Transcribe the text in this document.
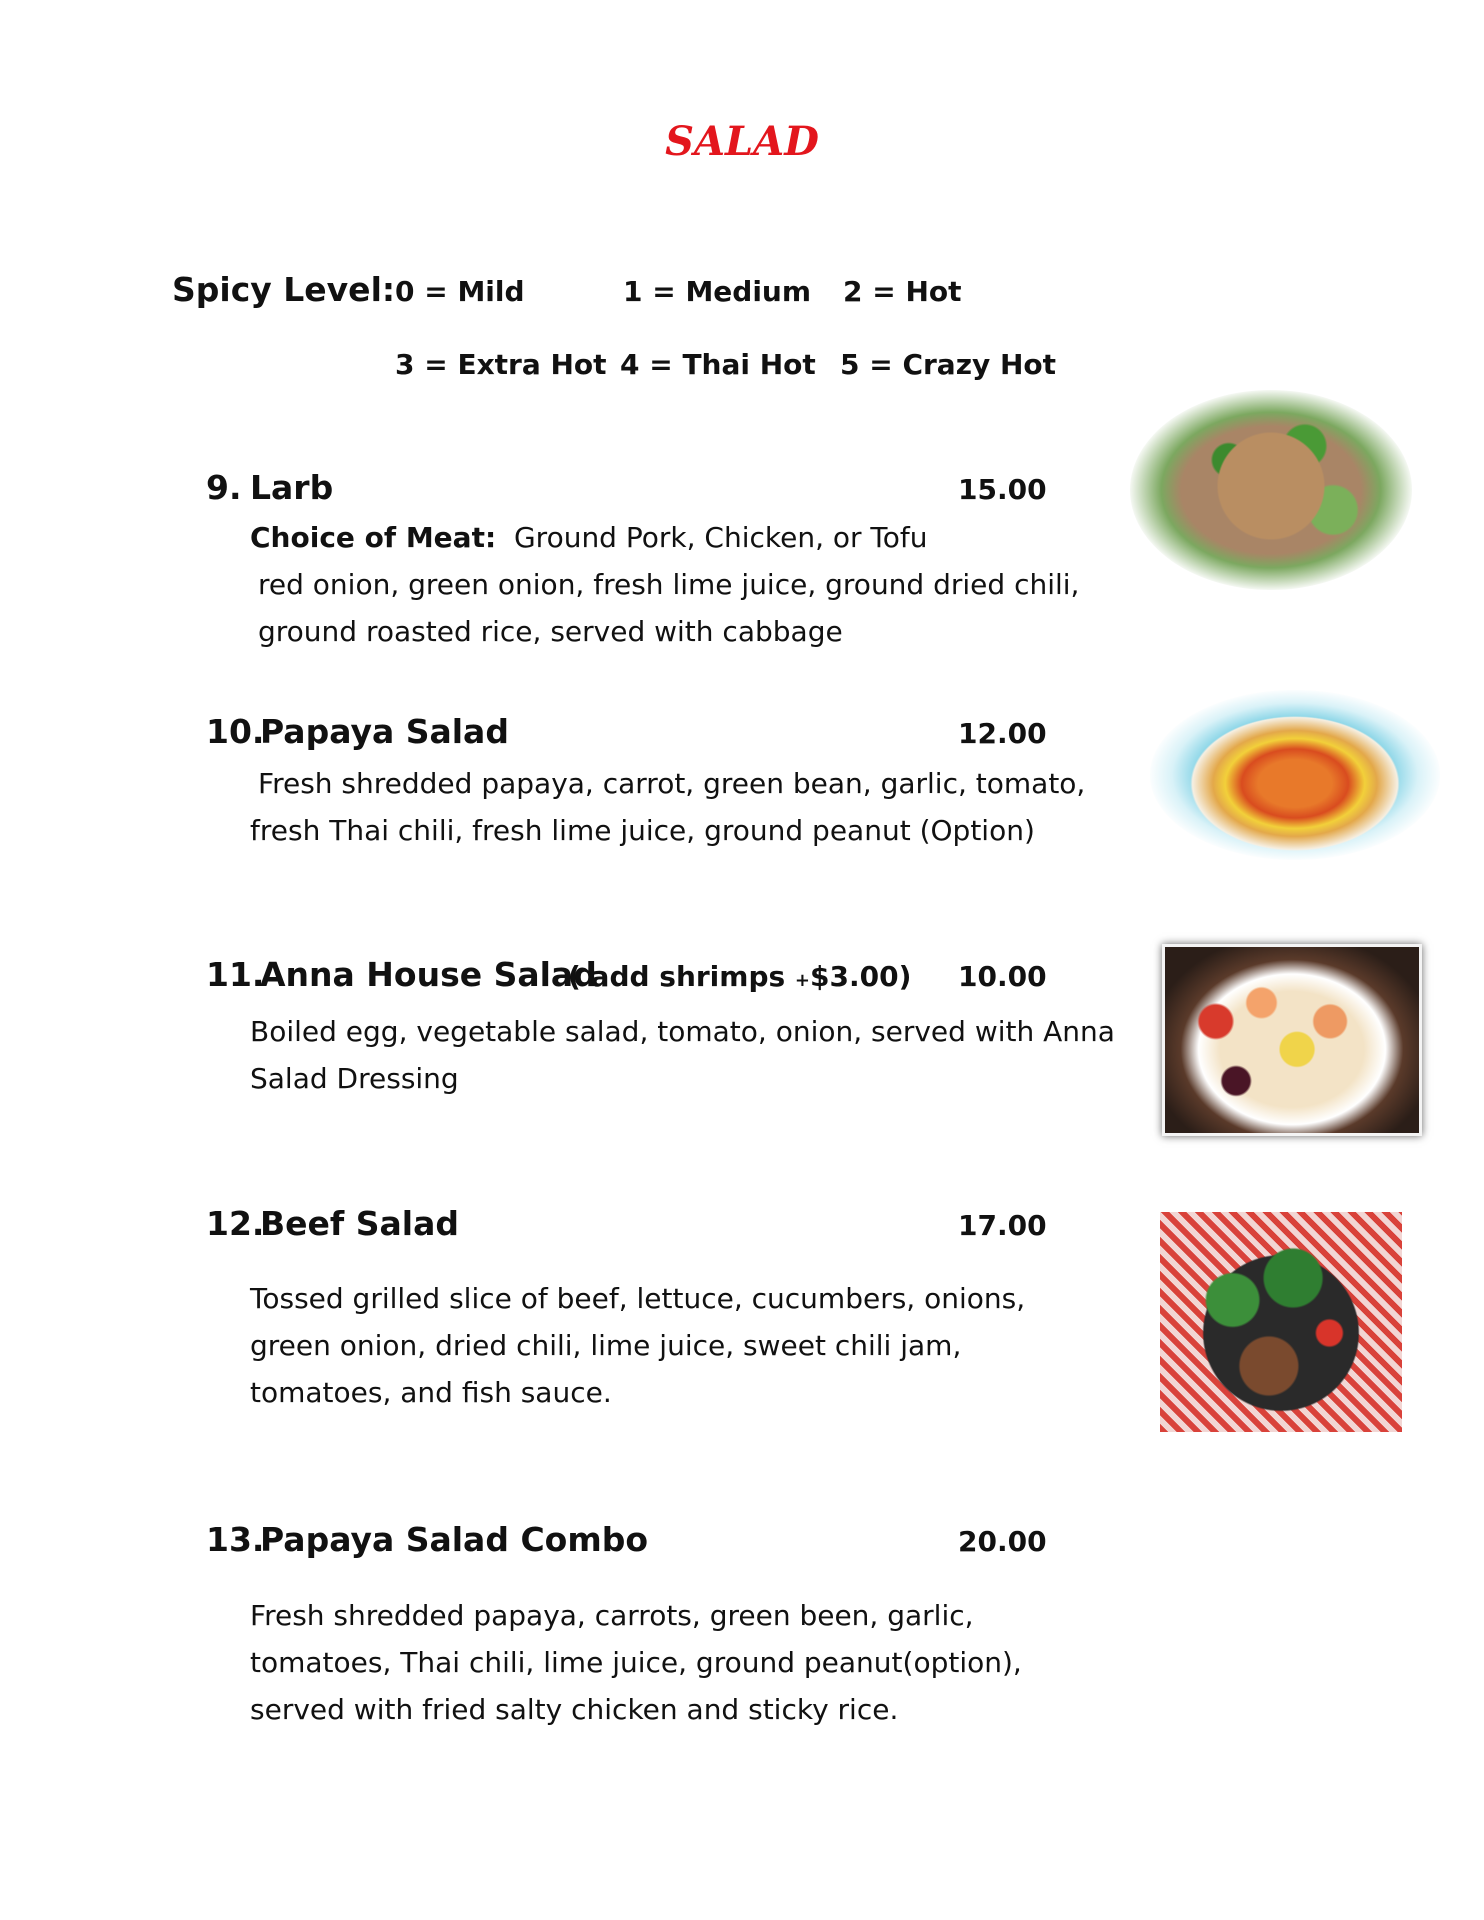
SALAD
Spicy Level: 0 = Mild	1 = Medium 2 = Hot
3 = Extra Hot 4 = Thai Hot 5 = Crazy Hot
9. Larb	15.00
Choice of Meat: Ground Pork, Chicken, or Tofu
red onion, green onion, fresh lime juice, ground dried chili,
ground roasted rice, served with cabbage
10.
Papaya Salad	12.00
Fresh shredded papaya, carrot, green bean, garlic, tomato,
fresh Thai chili, fresh lime juice, ground peanut (Option)
11.
Anna House Salad
( add shrimps +$3.00) 10.00
Boiled egg, vegetable salad, tomato, onion, served with Anna
Salad Dressing
12.
Beef Salad	17.00
Tossed grilled slice of beef, lettuce, cucumbers, onions,
green onion, dried chili, lime juice, sweet chili jam,
tomatoes, and fish sauce.
13.
Papaya Salad Combo	20.00
Fresh shredded papaya, carrots, green been, garlic,
tomatoes, Thai chili, lime juice, ground peanut(option),
served with fried salty chicken and sticky rice.
